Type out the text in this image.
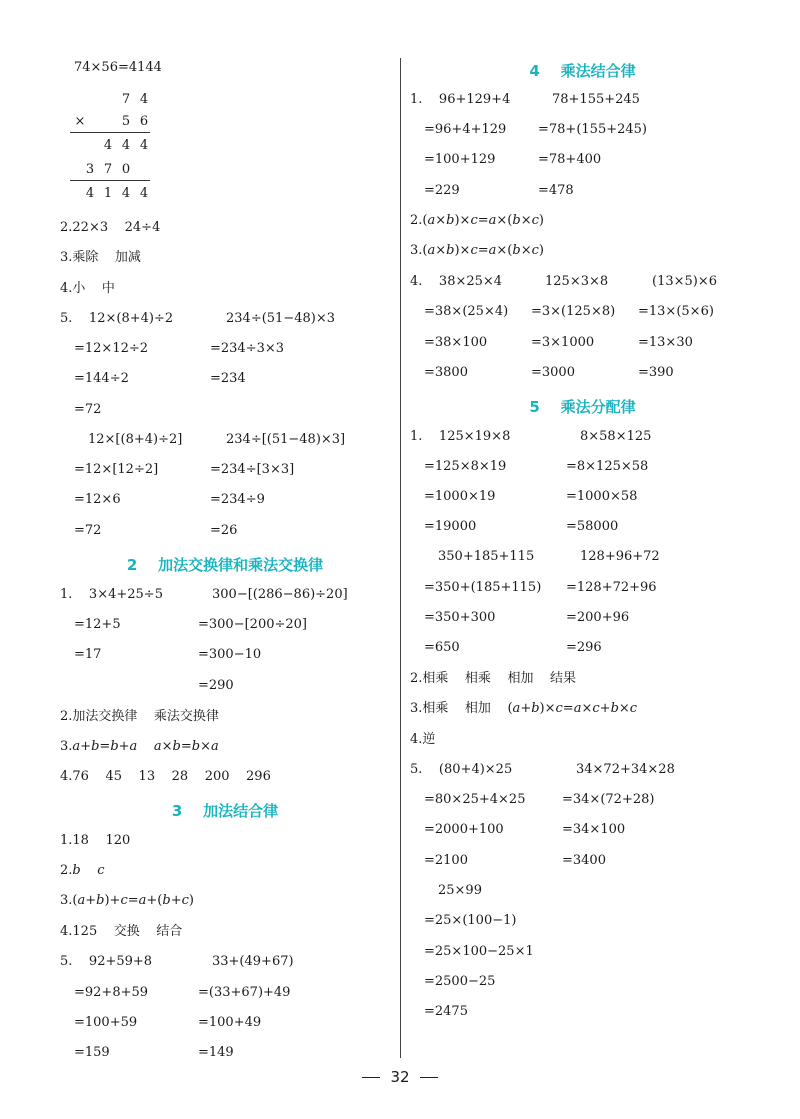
74×56=4144
7 4
×	5 6
4 4 4
3 7 0
4 1 4 4
2.22×3    24÷4
3.乘除    加减
4.小    中
5.    12×(8+4)÷2	234÷(51−48)×3
=12×12÷2	=234÷3×3
=144÷2	=234
=72
12×[(8+4)÷2]	234÷[(51−48)×3]
=12×[12÷2]	=234÷[3×3]
=12×6	=234÷9
=72	=26
2    加法交换律和乘法交换律
1.    3×4+25÷5	300−[(286−86)÷20]
=12+5	=300−[200÷20]
=17	=300−10
=290
2.加法交换律    乘法交换律
3.a+b=b+a a×b=b×a
4.76    45    13    28    200    296
3    加法结合律
1.18    120
2.b c
3.(a+b)+c=a+(b+c)
4.125    交换    结合
5.    92+59+8	33+(49+67)
=92+8+59	=(33+67)+49
=100+59	=100+49
=159	=149
4    乘法结合律
1.    96+129+4	78+155+245
=96+4+129 =78+(155+245)
=100+129	=78+400
=229	=478
2.(a×b)×c=a×(b×c)
3.(a×b)×c=a×(b×c)
4.    38×25×4	125×3×8	(13×5)×6
=38×(25×4) =3×(125×8) =13×(5×6)
=38×100	=3×1000	=13×30
=3800	=3000	=390
5    乘法分配律
1.    125×19×8	8×58×125
=125×8×19	=8×125×58
=1000×19	=1000×58
=19000	=58000
350+185+115	128+96+72
=350+(185+115) =128+72+96
=350+300	=200+96
=650	=296
2.相乘    相乘    相加    结果
3.相乘    相加    (a+b)×c=a×c+b×c
4.逆
5.    (80+4)×25	34×72+34×28
=80×25+4×25	=34×(72+28)
=2000+100	=34×100
=2100	=3400
25×99
=25×(100−1)
=25×100−25×1
=2500−25
=2475
32
